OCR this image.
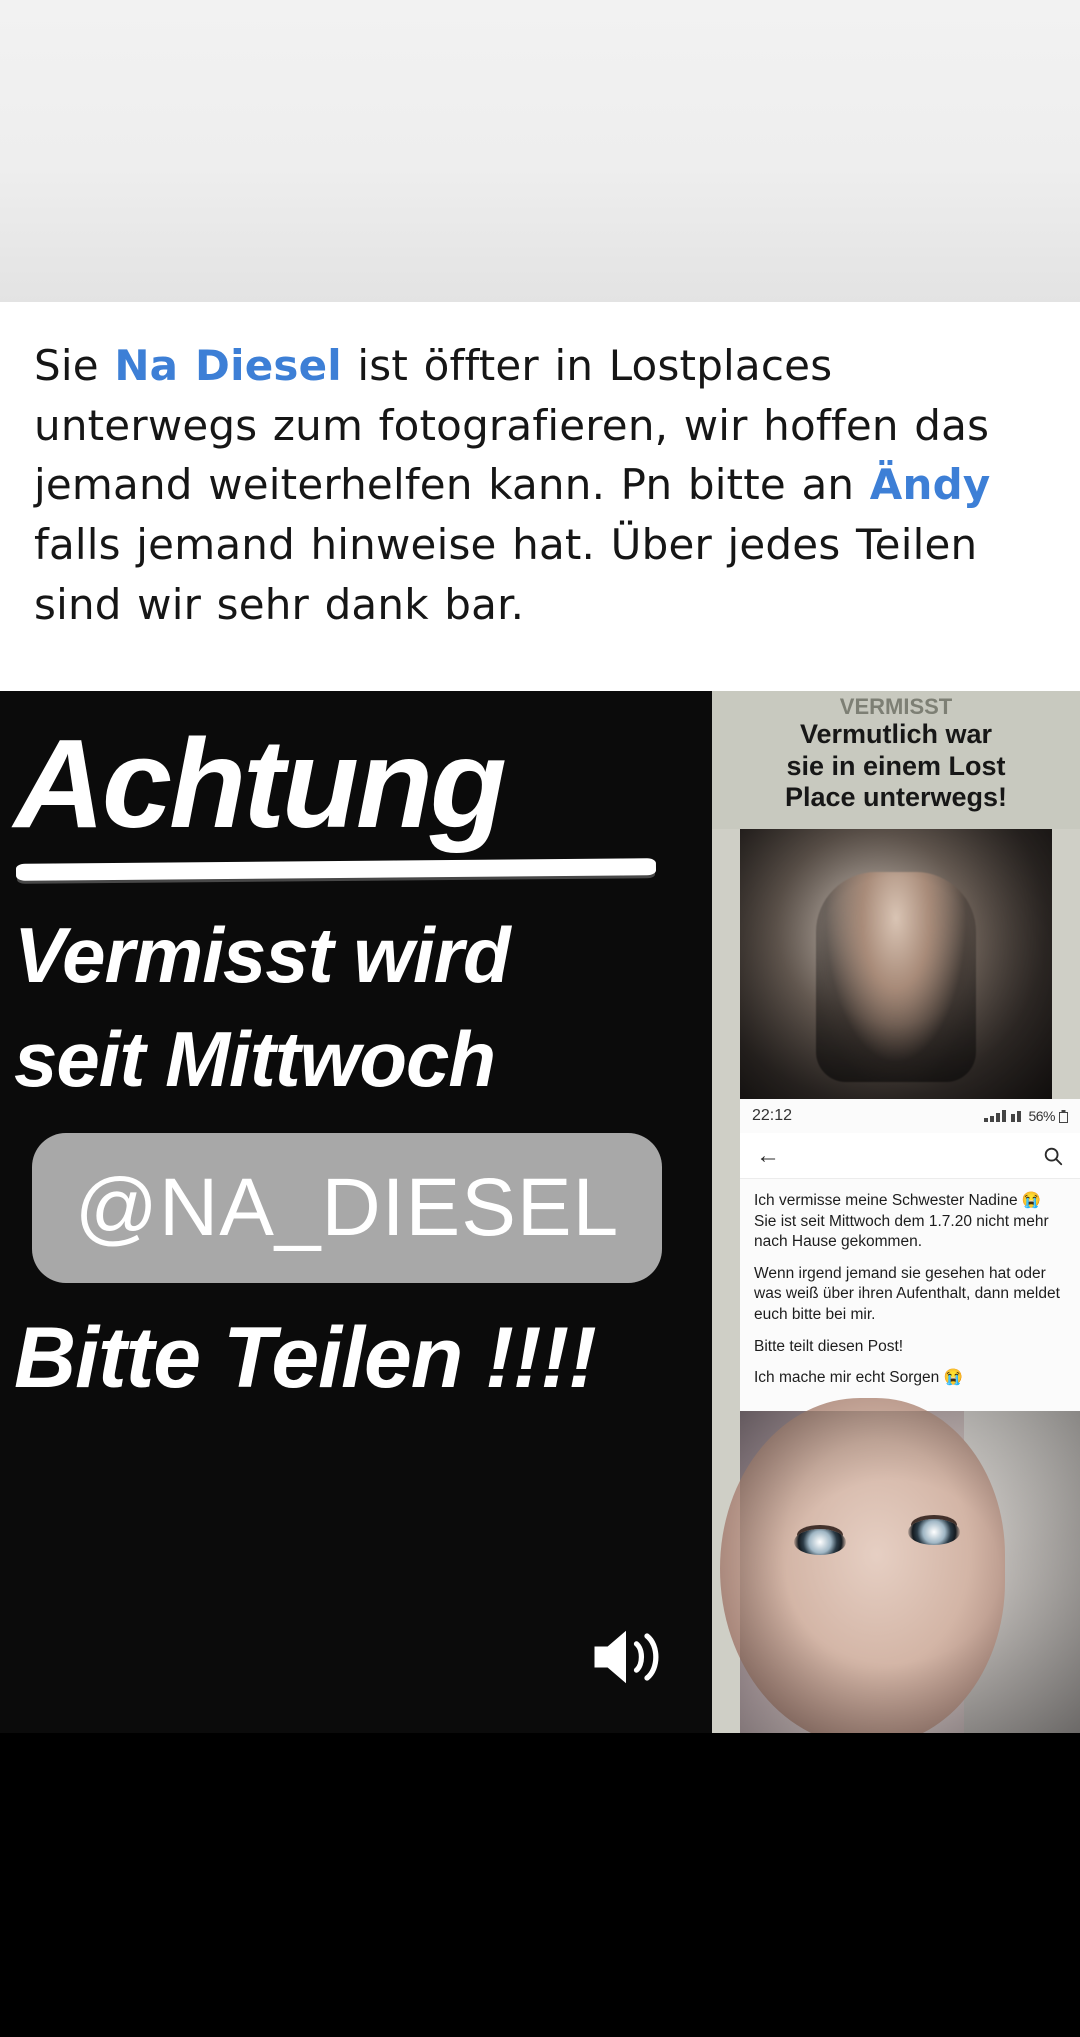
Sie Na Diesel ist öffter in Lostplaces unterwegs zum fotografieren, wir hoffen das jemand weiterhelfen kann. Pn bitte an Ändy falls jemand hinweise hat. Über jedes Teilen sind wir sehr dank bar.
Achtung
Vermisst wird
seit Mittwoch
@NA_DIESEL
Bitte Teilen !!!!
VERMISST
Vermutlich war
sie in einem Lost
Place unterwegs!
22:12	56%
←

Ich vermisse meine Schwester Nadine 😭 Sie ist seit Mittwoch dem 1.7.20 nicht mehr nach Hause gekommen.

Wenn irgend jemand sie gesehen hat oder was weiß über ihren Aufenthalt, dann meldet euch bitte bei mir.

Bitte teilt diesen Post!

Ich mache mir echt Sorgen 😭
